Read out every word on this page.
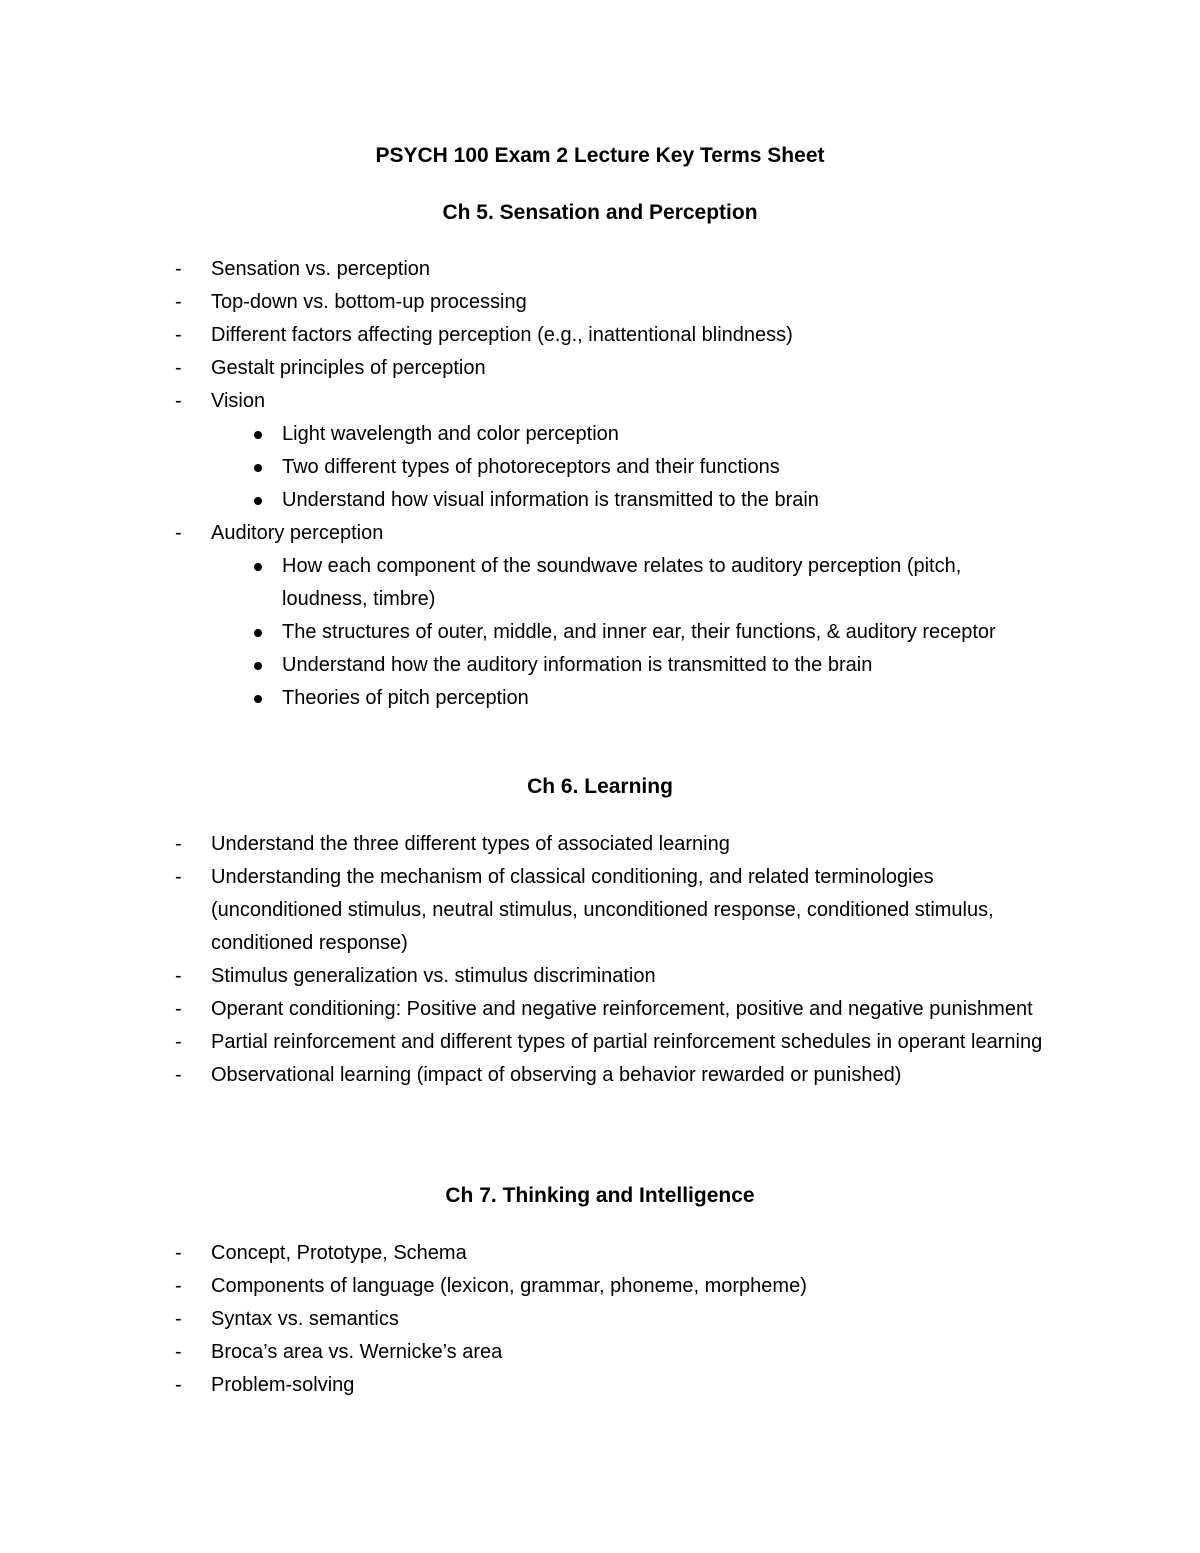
PSYCH 100 Exam 2 Lecture Key Terms Sheet
Ch 5. Sensation and Perception
-	Sensation vs. perception
-	Top-down vs. bottom-up processing
-	Different factors affecting perception (e.g., inattentional blindness)
-	Gestalt principles of perception
-	Vision
Light wavelength and color perception
Two different types of photoreceptors and their functions
Understand how visual information is transmitted to the brain
-	Auditory perception
How each component of the soundwave relates to auditory perception (pitch, loudness, timbre)
The structures of outer, middle, and inner ear, their functions, & auditory receptor
Understand how the auditory information is transmitted to the brain
Theories of pitch perception
Ch 6. Learning
-	Understand the three different types of associated learning
-	Understanding the mechanism of classical conditioning, and related terminologies (unconditioned stimulus, neutral stimulus, unconditioned response, conditioned stimulus, conditioned response)
-	Stimulus generalization vs. stimulus discrimination
-	Operant conditioning: Positive and negative reinforcement, positive and negative punishment
-	Partial reinforcement and different types of partial reinforcement schedules in operant learning
-	Observational learning (impact of observing a behavior rewarded or punished)
Ch 7. Thinking and Intelligence
-	Concept, Prototype, Schema
-	Components of language (lexicon, grammar, phoneme, morpheme)
-	Syntax vs. semantics
-	Broca’s area vs. Wernicke’s area
-	Problem-solving
